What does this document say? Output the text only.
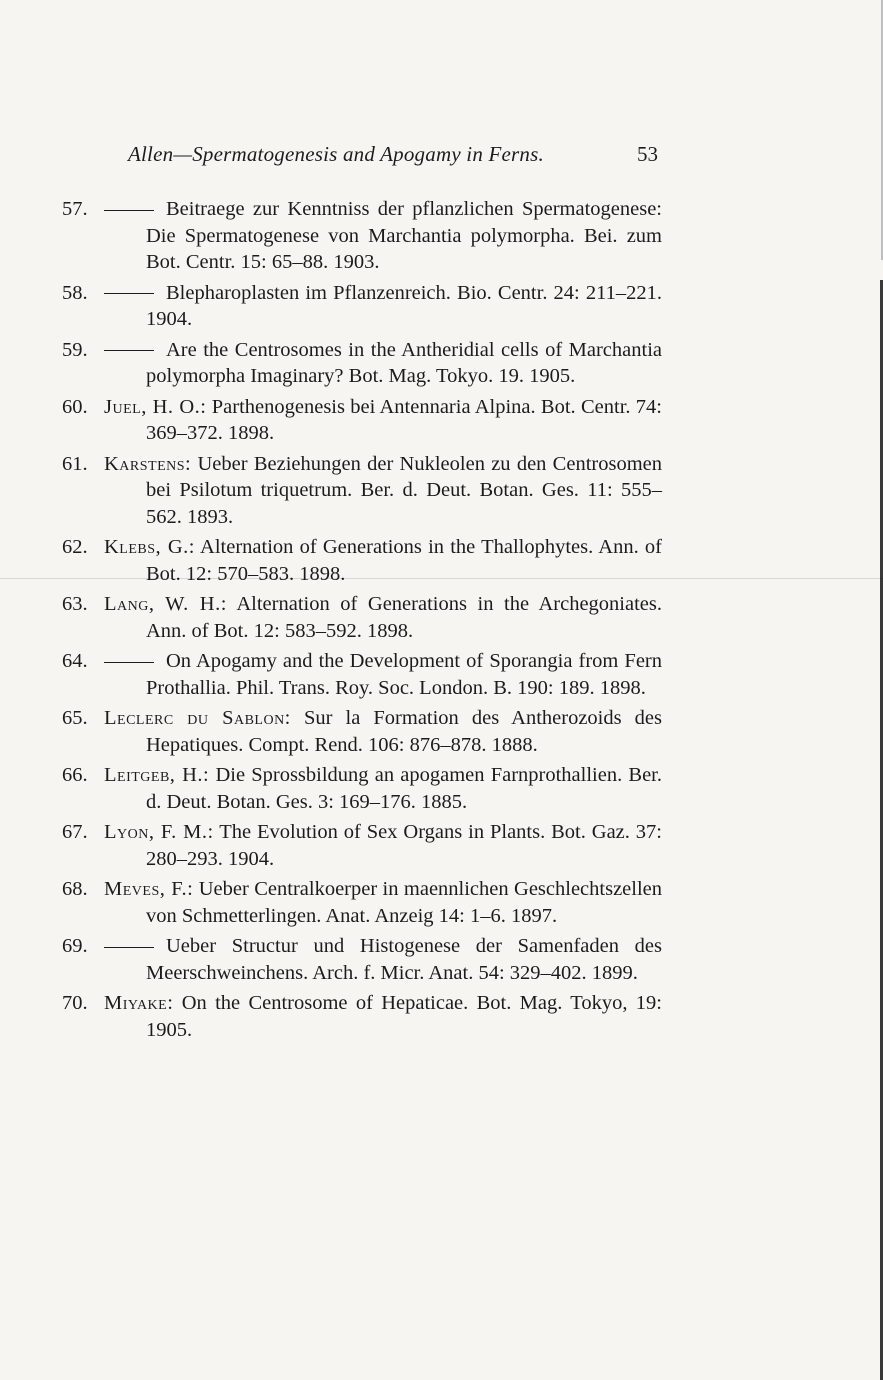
Allen—Spermatogenesis and Apogamy in Ferns.	53
57.	Beitraege zur Kenntniss der pflanzlichen Spermatogenese: Die Spermatogenese von Marchantia polymorpha. Bei. zum Bot. Centr. 15: 65–88. 1903.
58.	Blepharoplasten im Pflanzenreich. Bio. Centr. 24: 211–221. 1904.
59.	Are the Centrosomes in the Antheridial cells of Marchantia polymorpha Imaginary? Bot. Mag. Tokyo. 19. 1905.
60. Juel, H. O.: Parthenogenesis bei Antennaria Alpina. Bot. Centr. 74: 369–372. 1898.
61. Karstens: Ueber Beziehungen der Nukleolen zu den Centrosomen bei Psilotum triquetrum. Ber. d. Deut. Botan. Ges. 11: 555–562. 1893.
62. Klebs, G.: Alternation of Generations in the Thallophytes. Ann. of Bot. 12: 570–583. 1898.
63. Lang, W. H.: Alternation of Generations in the Archegoniates. Ann. of Bot. 12: 583–592. 1898.
64.	On Apogamy and the Development of Sporangia from Fern Prothallia. Phil. Trans. Roy. Soc. London. B. 190: 189. 1898.
65. Leclerc du Sablon: Sur la Formation des Antherozoids des Hepatiques. Compt. Rend. 106: 876–878. 1888.
66. Leitgeb, H.: Die Sprossbildung an apogamen Farnprothallien. Ber. d. Deut. Botan. Ges. 3: 169–176. 1885.
67. Lyon, F. M.: The Evolution of Sex Organs in Plants. Bot. Gaz. 37: 280–293. 1904.
68. Meves, F.: Ueber Centralkoerper in maennlichen Geschlechtszellen von Schmetterlingen. Anat. Anzeig 14: 1–6. 1897.
69.	Ueber Structur und Histogenese der Samenfaden des Meerschweinchens. Arch. f. Micr. Anat. 54: 329–402. 1899.
70. Miyake: On the Centrosome of Hepaticae. Bot. Mag. Tokyo, 19: 1905.
